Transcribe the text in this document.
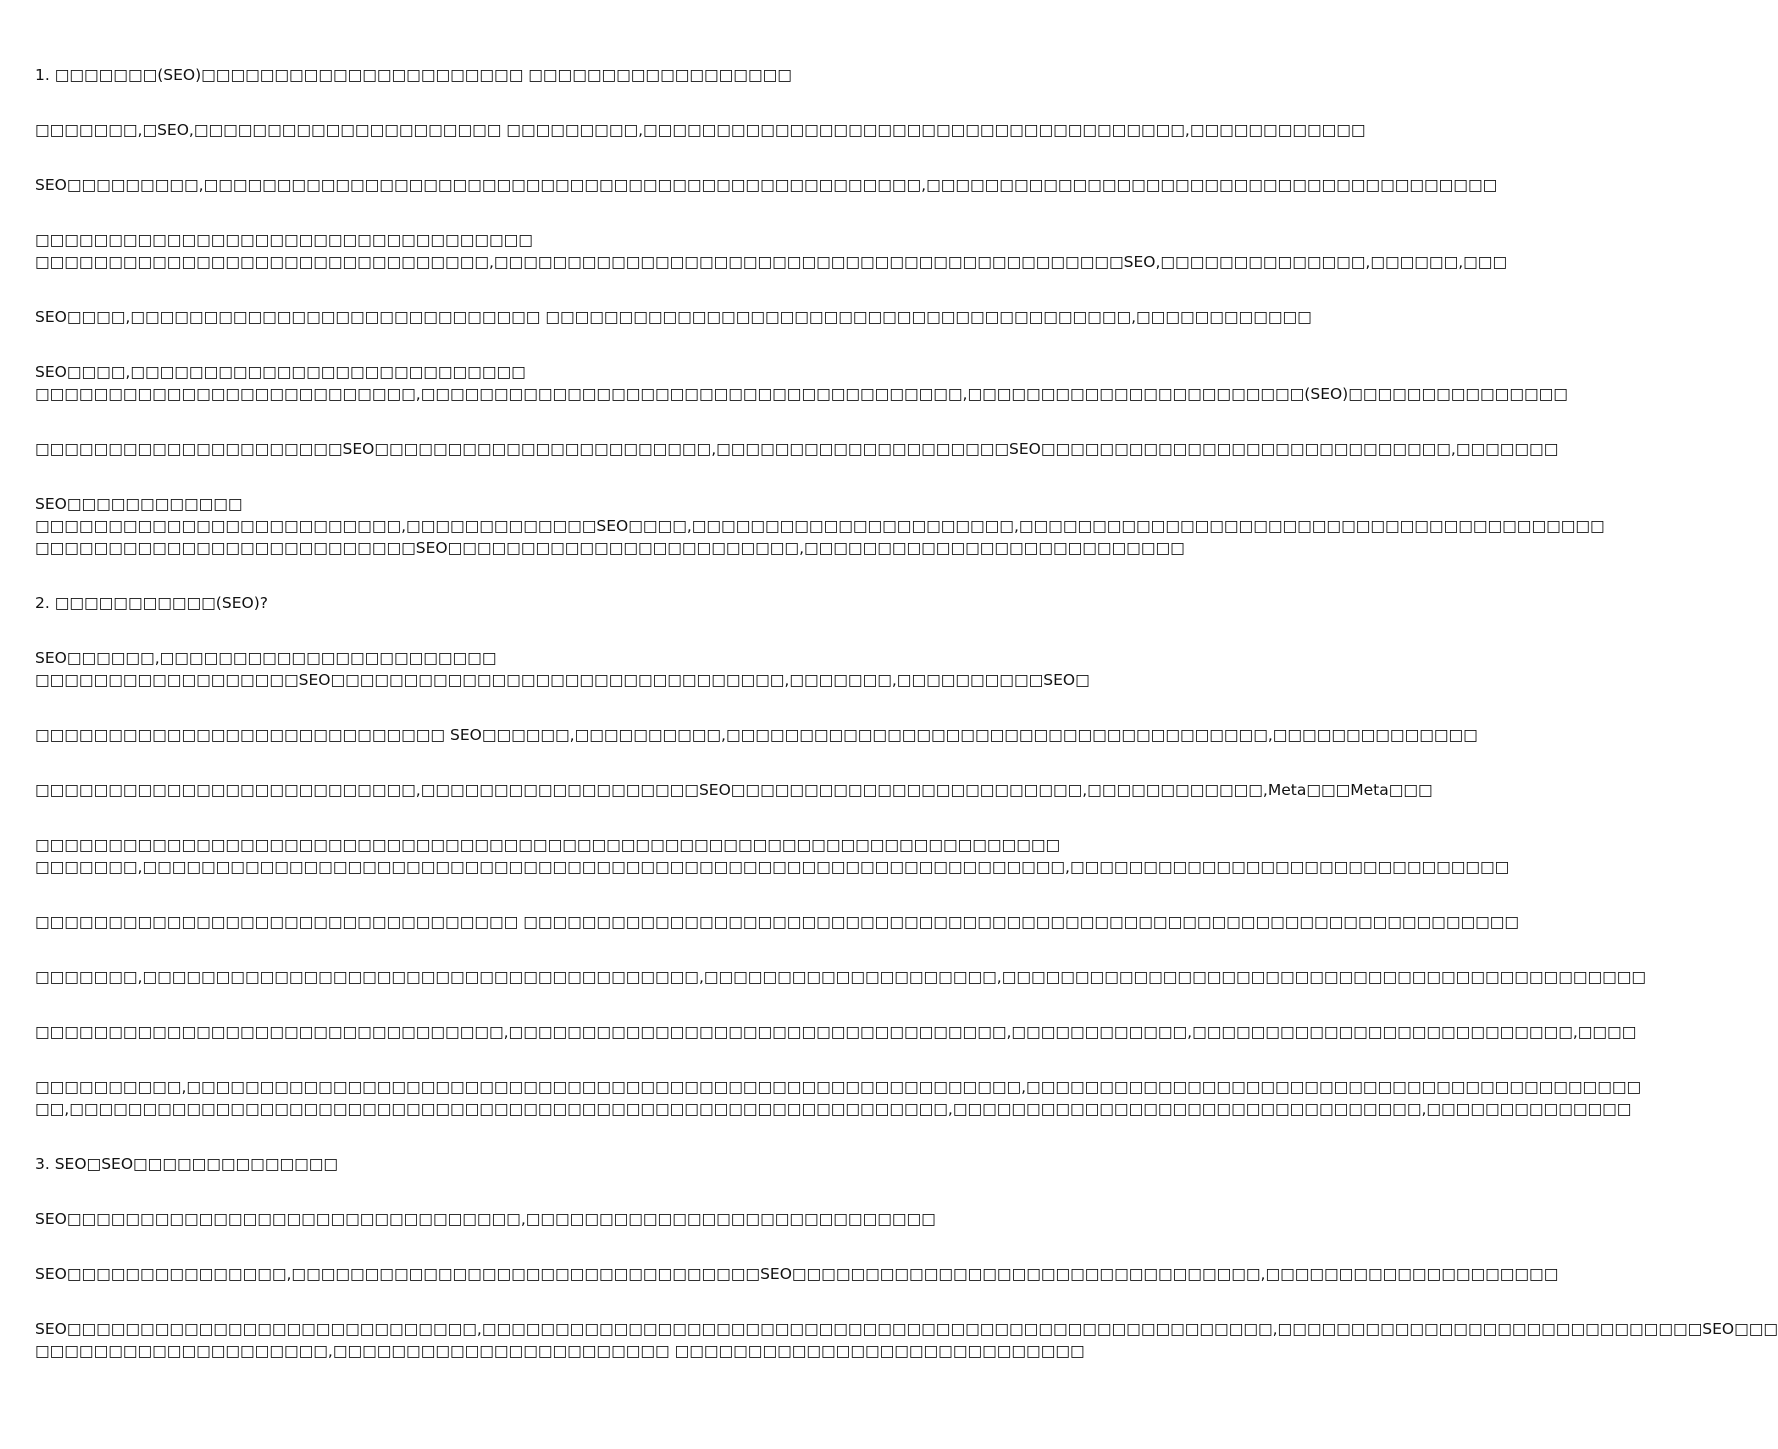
1. □□□□□□□(SEO)□□□□□□□□□□□□□□□□□□□□□□ □□□□□□□□□□□□□□□□□□
□□□□□□□,□SEO,□□□□□□□□□□□□□□□□□□□□□ □□□□□□□□□,□□□□□□□□□□□□□□□□□□□□□□□□□□□□□□□□□□□□□,□□□□□□□□□□□□
SEO□□□□□□□□□,□□□□□□□□□□□□□□□□□□□□□□□□□□□□□□□□□□□□□□□□□□□□□□□□□,□□□□□□□□□□□□□□□□□□□□□□□□□□□□□□□□□□□□□□□
□□□□□□□□□□□□□□□□□□□□□□□□□□□□□□□□□□
□□□□□□□□□□□□□□□□□□□□□□□□□□□□□□□,□□□□□□□□□□□□□□□□□□□□□□□□□□□□□□□□□□□□□□□□□□□SEO,□□□□□□□□□□□□□□,□□□□□□,□□□
SEO□□□□,□□□□□□□□□□□□□□□□□□□□□□□□□□□□ □□□□□□□□□□□□□□□□□□□□□□□□□□□□□□□□□□□□□□□□,□□□□□□□□□□□□
SEO□□□□,□□□□□□□□□□□□□□□□□□□□□□□□□□□
□□□□□□□□□□□□□□□□□□□□□□□□□□,□□□□□□□□□□□□□□□□□□□□□□□□□□□□□□□□□□□□□,□□□□□□□□□□□□□□□□□□□□□□□(SEO)□□□□□□□□□□□□□□□
□□□□□□□□□□□□□□□□□□□□□SEO□□□□□□□□□□□□□□□□□□□□□□□,□□□□□□□□□□□□□□□□□□□□SEO□□□□□□□□□□□□□□□□□□□□□□□□□□□□,□□□□□□□
SEO□□□□□□□□□□□□
□□□□□□□□□□□□□□□□□□□□□□□□□,□□□□□□□□□□□□□SEO□□□□,□□□□□□□□□□□□□□□□□□□□□□,□□□□□□□□□□□□□□□□□□□□□□□□□□□□□□□□□□□□□□□□
□□□□□□□□□□□□□□□□□□□□□□□□□□SEO□□□□□□□□□□□□□□□□□□□□□□□□,□□□□□□□□□□□□□□□□□□□□□□□□□□
2. □□□□□□□□□□□(SEO)?
SEO□□□□□□,□□□□□□□□□□□□□□□□□□□□□□□
□□□□□□□□□□□□□□□□□□SEO□□□□□□□□□□□□□□□□□□□□□□□□□□□□□□□,□□□□□□□,□□□□□□□□□□SEO□
□□□□□□□□□□□□□□□□□□□□□□□□□□□□ SEO□□□□□□,□□□□□□□□□□,□□□□□□□□□□□□□□□□□□□□□□□□□□□□□□□□□□□□□,□□□□□□□□□□□□□□
□□□□□□□□□□□□□□□□□□□□□□□□□□,□□□□□□□□□□□□□□□□□□□SEO□□□□□□□□□□□□□□□□□□□□□□□□,□□□□□□□□□□□□,Meta□□□Meta□□□
□□□□□□□□□□□□□□□□□□□□□□□□□□□□□□□□□□□□□□□□□□□□□□□□□□□□□□□□□□□□□□□□□□□□□□
□□□□□□□,□□□□□□□□□□□□□□□□□□□□□□□□□□□□□□□□□□□□□□□□□□□□□□□□□□□□□□□□□□□□□□□,□□□□□□□□□□□□□□□□□□□□□□□□□□□□□□
□□□□□□□□□□□□□□□□□□□□□□□□□□□□□□□□□ □□□□□□□□□□□□□□□□□□□□□□□□□□□□□□□□□□□□□□□□□□□□□□□□□□□□□□□□□□□□□□□□□□□□
□□□□□□□,□□□□□□□□□□□□□□□□□□□□□□□□□□□□□□□□□□□□□□,□□□□□□□□□□□□□□□□□□□□,□□□□□□□□□□□□□□□□□□□□□□□□□□□□□□□□□□□□□□□□□□□□
□□□□□□□□□□□□□□□□□□□□□□□□□□□□□□□□,□□□□□□□□□□□□□□□□□□□□□□□□□□□□□□□□□□,□□□□□□□□□□□□,□□□□□□□□□□□□□□□□□□□□□□□□□□,□□□□
□□□□□□□□□□,□□□□□□□□□□□□□□□□□□□□□□□□□□□□□□□□□□□□□□□□□□□□□□□□□□□□□□□□□,□□□□□□□□□□□□□□□□□□□□□□□□□□□□□□□□□□□□□□□□□□
□□,□□□□□□□□□□□□□□□□□□□□□□□□□□□□□□□□□□□□□□□□□□□□□□□□□□□□□□□□□□□□,□□□□□□□□□□□□□□□□□□□□□□□□□□□□□□□□,□□□□□□□□□□□□□□
3. SEO□SEO□□□□□□□□□□□□□□
SEO□□□□□□□□□□□□□□□□□□□□□□□□□□□□□□□,□□□□□□□□□□□□□□□□□□□□□□□□□□□□
SEO□□□□□□□□□□□□□□□,□□□□□□□□□□□□□□□□□□□□□□□□□□□□□□□□SEO□□□□□□□□□□□□□□□□□□□□□□□□□□□□□□□□,□□□□□□□□□□□□□□□□□□□□
SEO□□□□□□□□□□□□□□□□□□□□□□□□□□□□,□□□□□□□□□□□□□□□□□□□□□□□□□□□□□□□□□□□□□□□□□□□□□□□□□□□□□□,□□□□□□□□□□□□□□□□□□□□□□□□□□□□□SEO□□□
□□□□□□□□□□□□□□□□□□□□,□□□□□□□□□□□□□□□□□□□□□□□ □□□□□□□□□□□□□□□□□□□□□□□□□□□□
